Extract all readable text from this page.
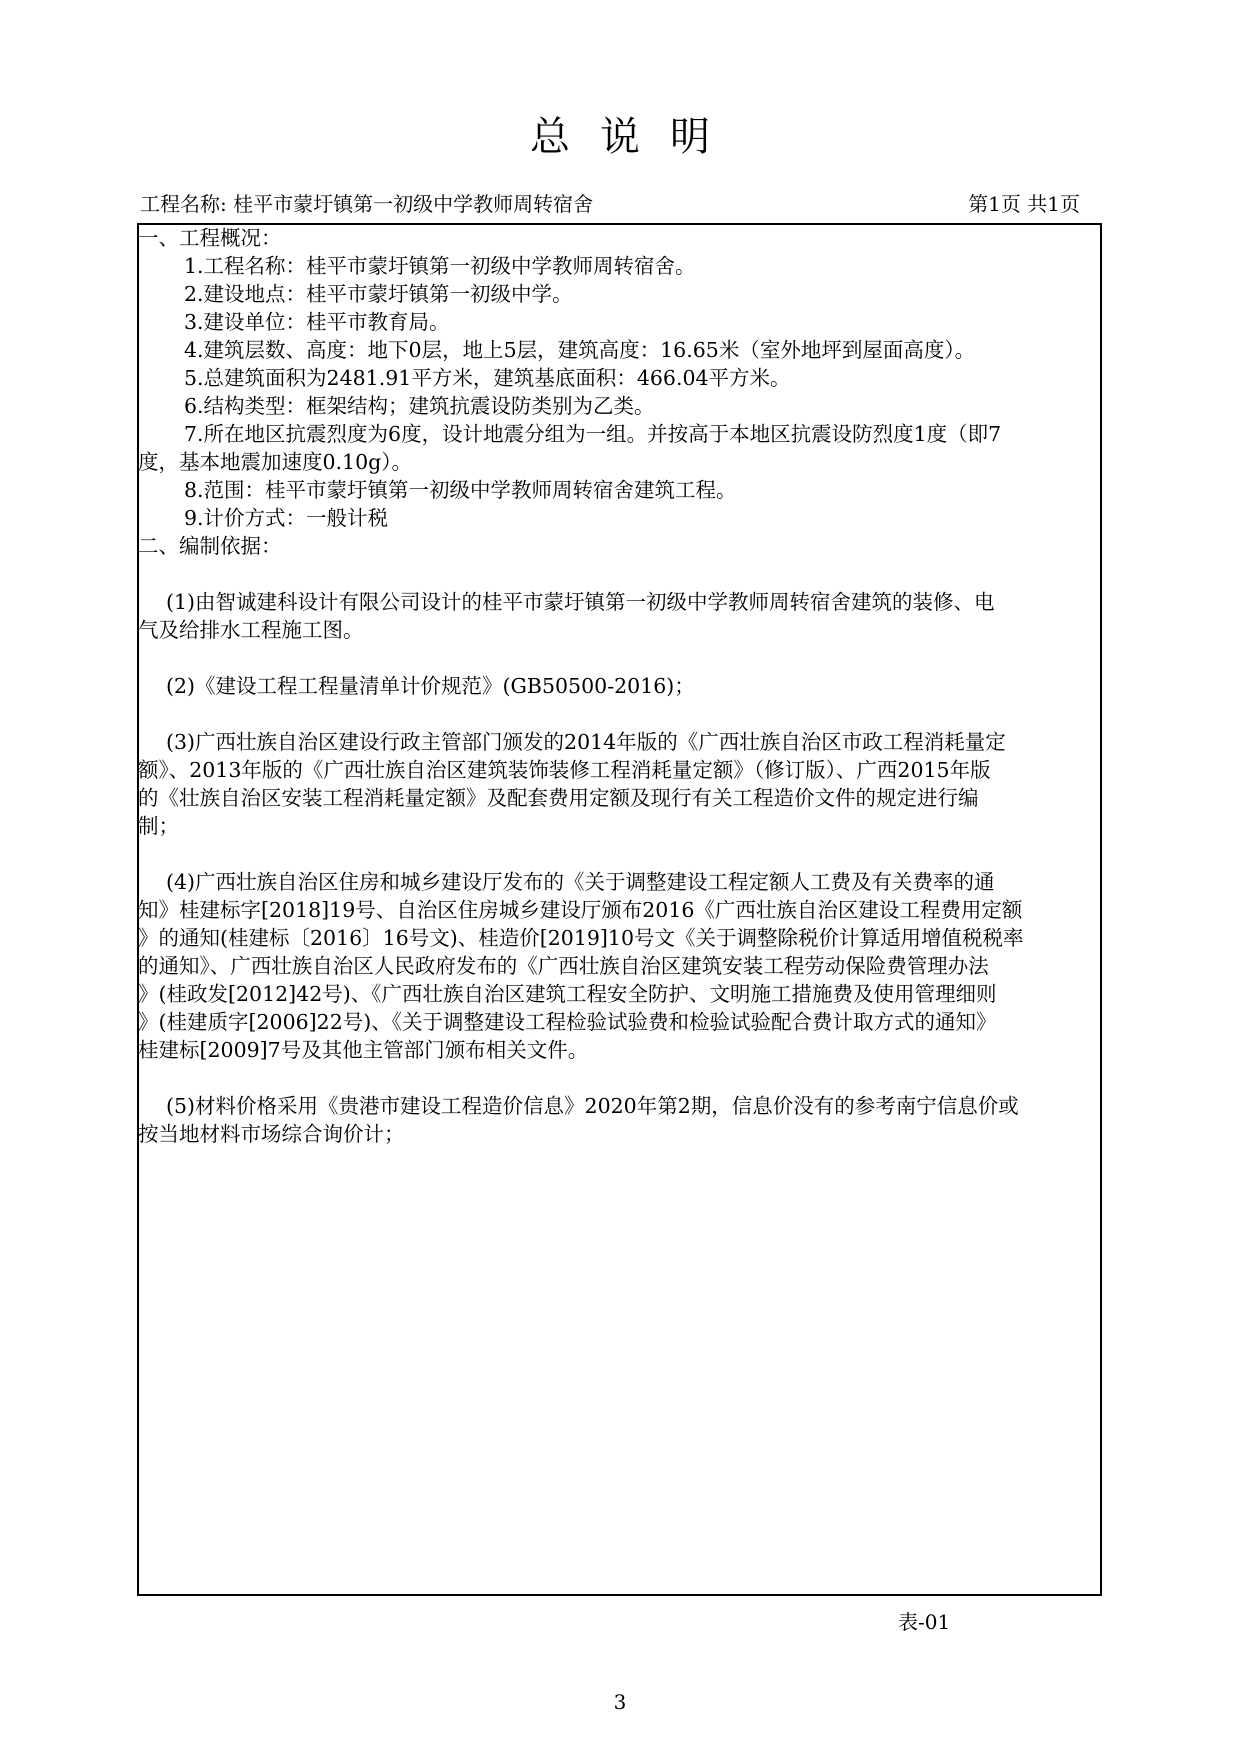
总说明
工程名称: 桂平市蒙圩镇第一初级中学教师周转宿舍	第1页 共1页
一、工程概况：
1.工程名称：桂平市蒙圩镇第一初级中学教师周转宿舍。
2.建设地点：桂平市蒙圩镇第一初级中学。
3.建设单位：桂平市教育局。
4.建筑层数、高度：地下0层，地上5层，建筑高度：16.65米（室外地坪到屋面高度）。
5.总建筑面积为2481.91平方米，建筑基底面积：466.04平方米。
6.结构类型：框架结构；建筑抗震设防类别为乙类。
7.所在地区抗震烈度为6度，设计地震分组为一组。并按高于本地区抗震设防烈度1度（即7
度，基本地震加速度0.10g）。
8.范围：桂平市蒙圩镇第一初级中学教师周转宿舍建筑工程。
9.计价方式：一般计税
二、编制依据：
(1)由智诚建科设计有限公司设计的桂平市蒙圩镇第一初级中学教师周转宿舍建筑的装修、电
气及给排水工程施工图。
(2)《建设工程工程量清单计价规范》(GB50500-2016)；
(3)广西壮族自治区建设行政主管部门颁发的2014年版的《广西壮族自治区市政工程消耗量定
额》、2013年版的《广西壮族自治区建筑装饰装修工程消耗量定额》（修订版）、广西2015年版
的《壮族自治区安装工程消耗量定额》及配套费用定额及现行有关工程造价文件的规定进行编
制；
(4)广西壮族自治区住房和城乡建设厅发布的《关于调整建设工程定额人工费及有关费率的通
知》桂建标字[2018]19号、自治区住房城乡建设厅颁布2016《广西壮族自治区建设工程费用定额
》的通知(桂建标〔2016〕16号文)、桂造价[2019]10号文《关于调整除税价计算适用增值税税率
的通知》、广西壮族自治区人民政府发布的《广西壮族自治区建筑安装工程劳动保险费管理办法
》(桂政发[2012]42号)、《广西壮族自治区建筑工程安全防护、文明施工措施费及使用管理细则
》(桂建质字[2006]22号)、《关于调整建设工程检验试验费和检验试验配合费计取方式的通知》
桂建标[2009]7号及其他主管部门颁布相关文件。
(5)材料价格采用《贵港市建设工程造价信息》2020年第2期，信息价没有的参考南宁信息价或
按当地材料市场综合询价计；
表-01
3
